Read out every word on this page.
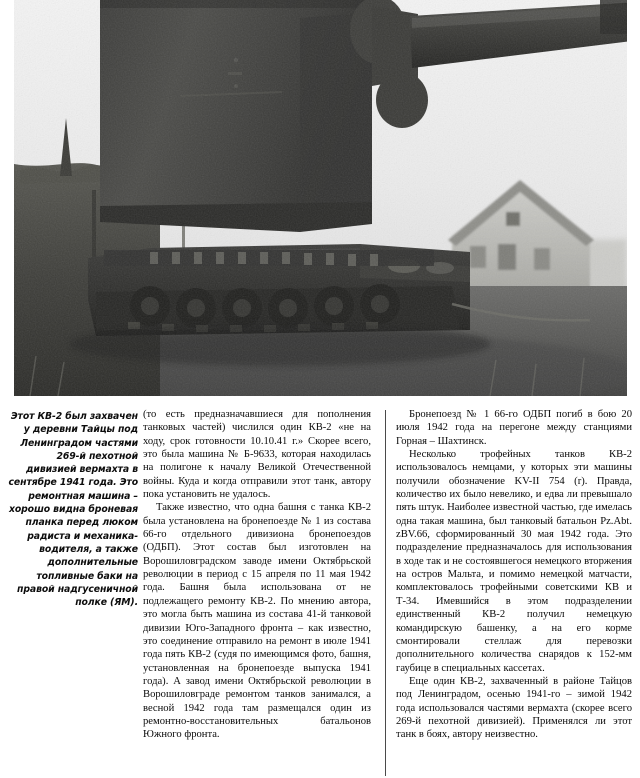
Этот КВ-2 был захвачен у деревни Тайцы под Ленинградом частями 269-й пехотной дивизией вермахта в сентябре 1941 года. Это ремонтная машина – хорошо видна броневая планка перед люком радиста и механика-водителя, а также дополнительные топливные баки на правой надгусеничной полке (ЯМ).

(то есть предназначавшиеся для пополнения танковых частей) числился один КВ-2 «не на ходу, срок готовности 10.10.41 г.» Скорее всего, это была машина № Б-9633, которая находилась на полигоне к началу Великой Отечественной войны. Куда и когда отправили этот танк, автору пока установить не удалось.

Также известно, что одна башня с танка КВ-2 была установлена на бронепоезде № 1 из состава 66-го отдельного дивизиона бронепоездов (ОДБП). Этот состав был изготовлен на Ворошиловградском заводе имени Октябрьской революции в период с 15 апреля по 11 мая 1942 года. Башня была использована от не подлежащего ремонту КВ-2. По мнению автора, это могла быть машина из состава 41-й танковой дивизии Юго-Западного фронта – как известно, это соединение отправило на ремонт в июле 1941 года пять КВ-2 (судя по имеющимся фото, башня, установленная на бронепоезде выпуска 1941 года). А завод имени Октябрьской революции в Ворошиловграде ремонтом танков занимался, а весной 1942 года там размещался один из ремонтно-восстановительных батальонов Южного фронта.

Бронепоезд № 1 66-го ОДБП погиб в бою 20 июля 1942 года на перегоне между станциями Горная – Шахтинск.

Несколько трофейных танков КВ-2 использовалось немцами, у которых эти машины получили обозначение KV-II 754 (r). Правда, количество их было невелико, и едва ли превышало пять штук. Наиболее известной частью, где имелась одна такая машина, был танковый батальон Pz.Abt. zBV.66, сформированный 30 мая 1942 года. Это подразделение предназначалось для использования в ходе так и не состоявшегося немецкого вторжения на остров Мальта, и помимо немецкой матчасти, комплектовалось трофейными советскими КВ и Т-34. Имевшийся в этом подразделении единственный КВ-2 получил немецкую командирскую башенку, а на его корме смонтировали стеллаж для перевозки дополнительного количества снарядов к 152-мм гаубице в специальных кассетах.

Еще один КВ-2, захваченный в районе Тайцов под Ленинградом, осенью 1941-го – зимой 1942 года использовался частями вермахта (скорее всего 269-й пехотной дивизией). Применялся ли этот танк в боях, автору неизвестно.
